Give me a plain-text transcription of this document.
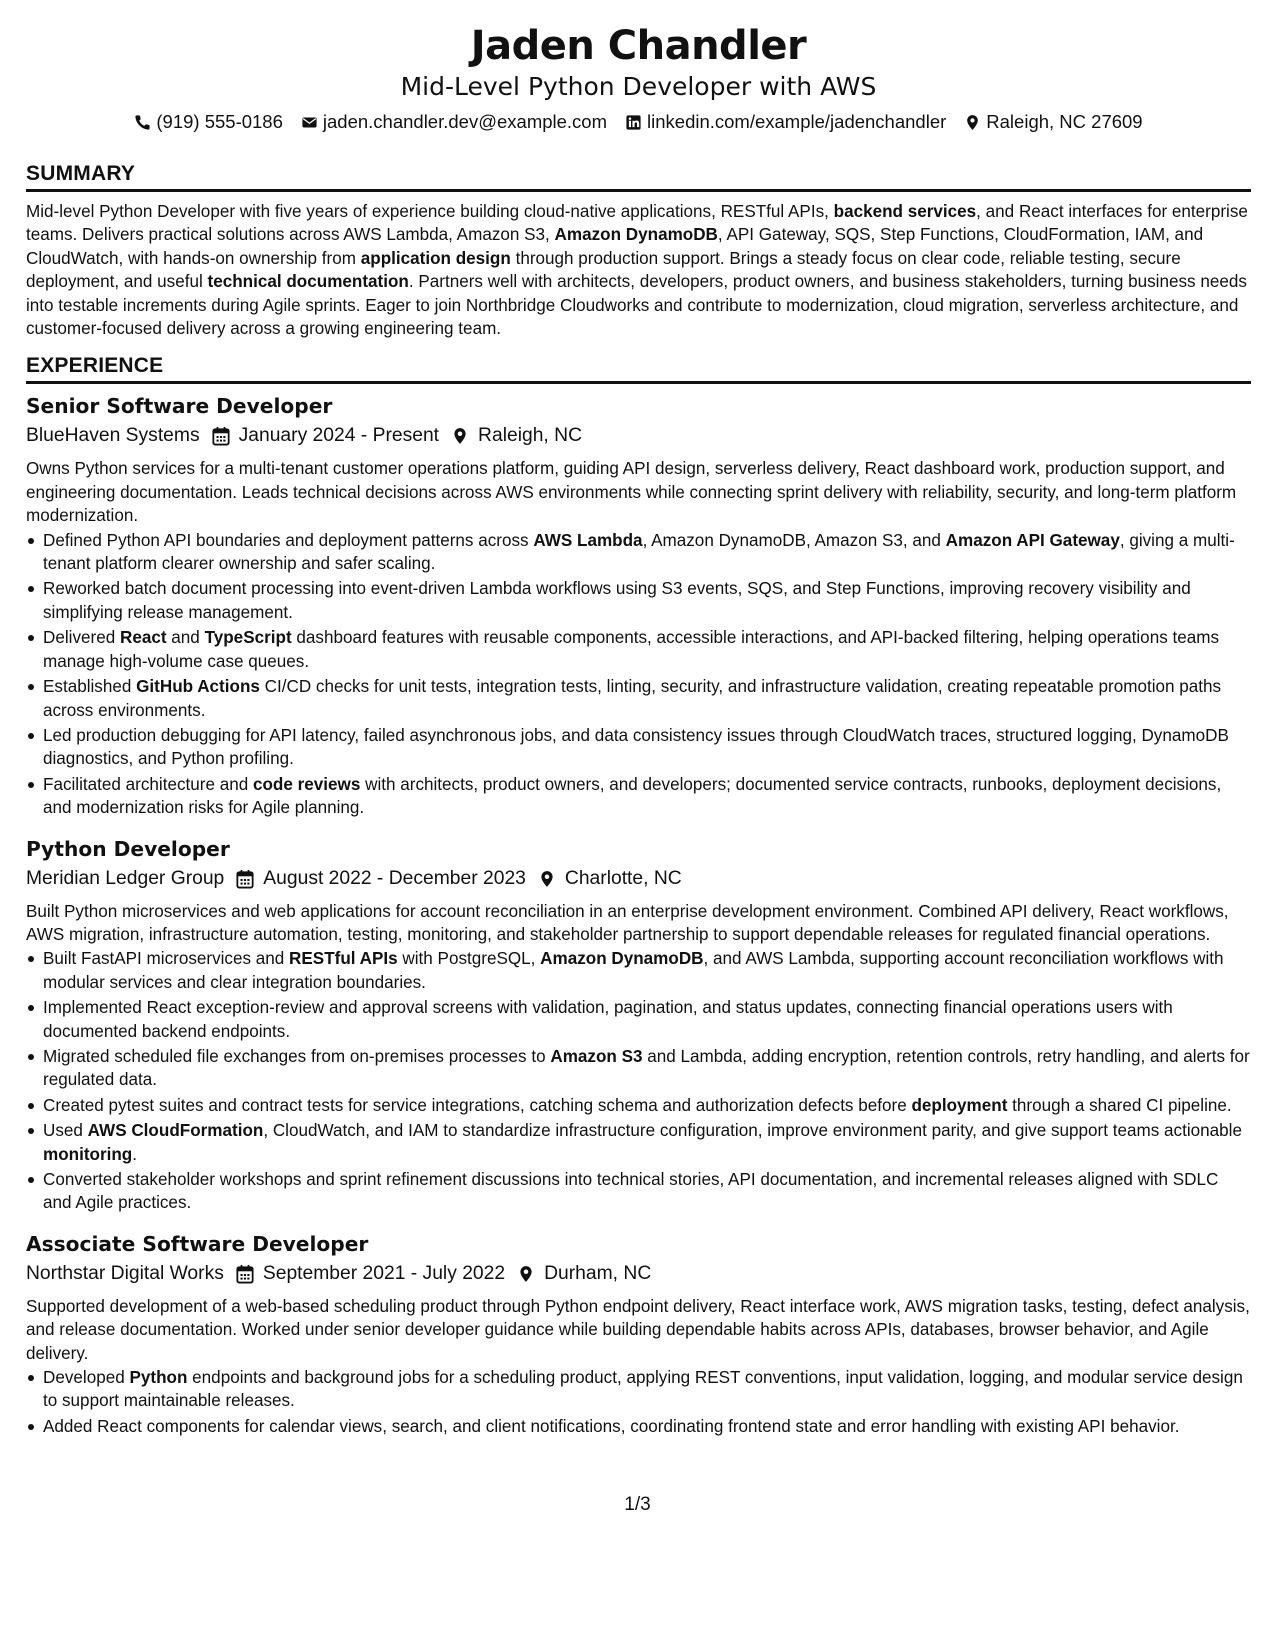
Jaden Chandler

Mid-Level Python Developer with AWS

(919) 555-0186 jaden.chandler.dev@example.com linkedin.com/example/jadenchandler Raleigh, NC 27609
SUMMARY

Mid-level Python Developer with five years of experience building cloud-native applications, RESTful APIs, backend services, and React interfaces for enterprise teams. Delivers practical solutions across AWS Lambda, Amazon S3, Amazon DynamoDB, API Gateway, SQS, Step Functions, CloudFormation, IAM, and CloudWatch, with hands-on ownership from application design through production support. Brings a steady focus on clear code, reliable testing, secure deployment, and useful technical documentation. Partners well with architects, developers, product owners, and business stakeholders, turning business needs into testable increments during Agile sprints. Eager to join Northbridge Cloudworks and contribute to modernization, cloud migration, serverless architecture, and customer-focused delivery across a growing engineering team.

EXPERIENCE
Senior Software Developer
BlueHaven Systems January 2024 - Present Raleigh, NC

Owns Python services for a multi-tenant customer operations platform, guiding API design, serverless delivery, React dashboard work, production support, and engineering documentation. Leads technical decisions across AWS environments while connecting sprint delivery with reliability, security, and long-term platform modernization.

Defined Python API boundaries and deployment patterns across AWS Lambda, Amazon DynamoDB, Amazon S3, and Amazon API Gateway, giving a multi-tenant platform clearer ownership and safer scaling.
Reworked batch document processing into event-driven Lambda workflows using S3 events, SQS, and Step Functions, improving recovery visibility and simplifying release management.
Delivered React and TypeScript dashboard features with reusable components, accessible interactions, and API-backed filtering, helping operations teams manage high-volume case queues.
Established GitHub Actions CI/CD checks for unit tests, integration tests, linting, security, and infrastructure validation, creating repeatable promotion paths across environments.
Led production debugging for API latency, failed asynchronous jobs, and data consistency issues through CloudWatch traces, structured logging, DynamoDB diagnostics, and Python profiling.
Facilitated architecture and code reviews with architects, product owners, and developers; documented service contracts, runbooks, deployment decisions, and modernization risks for Agile planning.
Python Developer
Meridian Ledger Group August 2022 - December 2023 Charlotte, NC

Built Python microservices and web applications for account reconciliation in an enterprise development environment. Combined API delivery, React workflows, AWS migration, infrastructure automation, testing, monitoring, and stakeholder partnership to support dependable releases for regulated financial operations.

Built FastAPI microservices and RESTful APIs with PostgreSQL, Amazon DynamoDB, and AWS Lambda, supporting account reconciliation workflows with modular services and clear integration boundaries.
Implemented React exception-review and approval screens with validation, pagination, and status updates, connecting financial operations users with documented backend endpoints.
Migrated scheduled file exchanges from on-premises processes to Amazon S3 and Lambda, adding encryption, retention controls, retry handling, and alerts for regulated data.
Created pytest suites and contract tests for service integrations, catching schema and authorization defects before deployment through a shared CI pipeline.
Used AWS CloudFormation, CloudWatch, and IAM to standardize infrastructure configuration, improve environment parity, and give support teams actionable monitoring.
Converted stakeholder workshops and sprint refinement discussions into technical stories, API documentation, and incremental releases aligned with SDLC and Agile practices.
Associate Software Developer
Northstar Digital Works September 2021 - July 2022 Durham, NC

Supported development of a web-based scheduling product through Python endpoint delivery, React interface work, AWS migration tasks, testing, defect analysis, and release documentation. Worked under senior developer guidance while building dependable habits across APIs, databases, browser behavior, and Agile delivery.

Developed Python endpoints and background jobs for a scheduling product, applying REST conventions, input validation, logging, and modular service design to support maintainable releases.
Added React components for calendar views, search, and client notifications, coordinating frontend state and error handling with existing API behavior.
1/3
